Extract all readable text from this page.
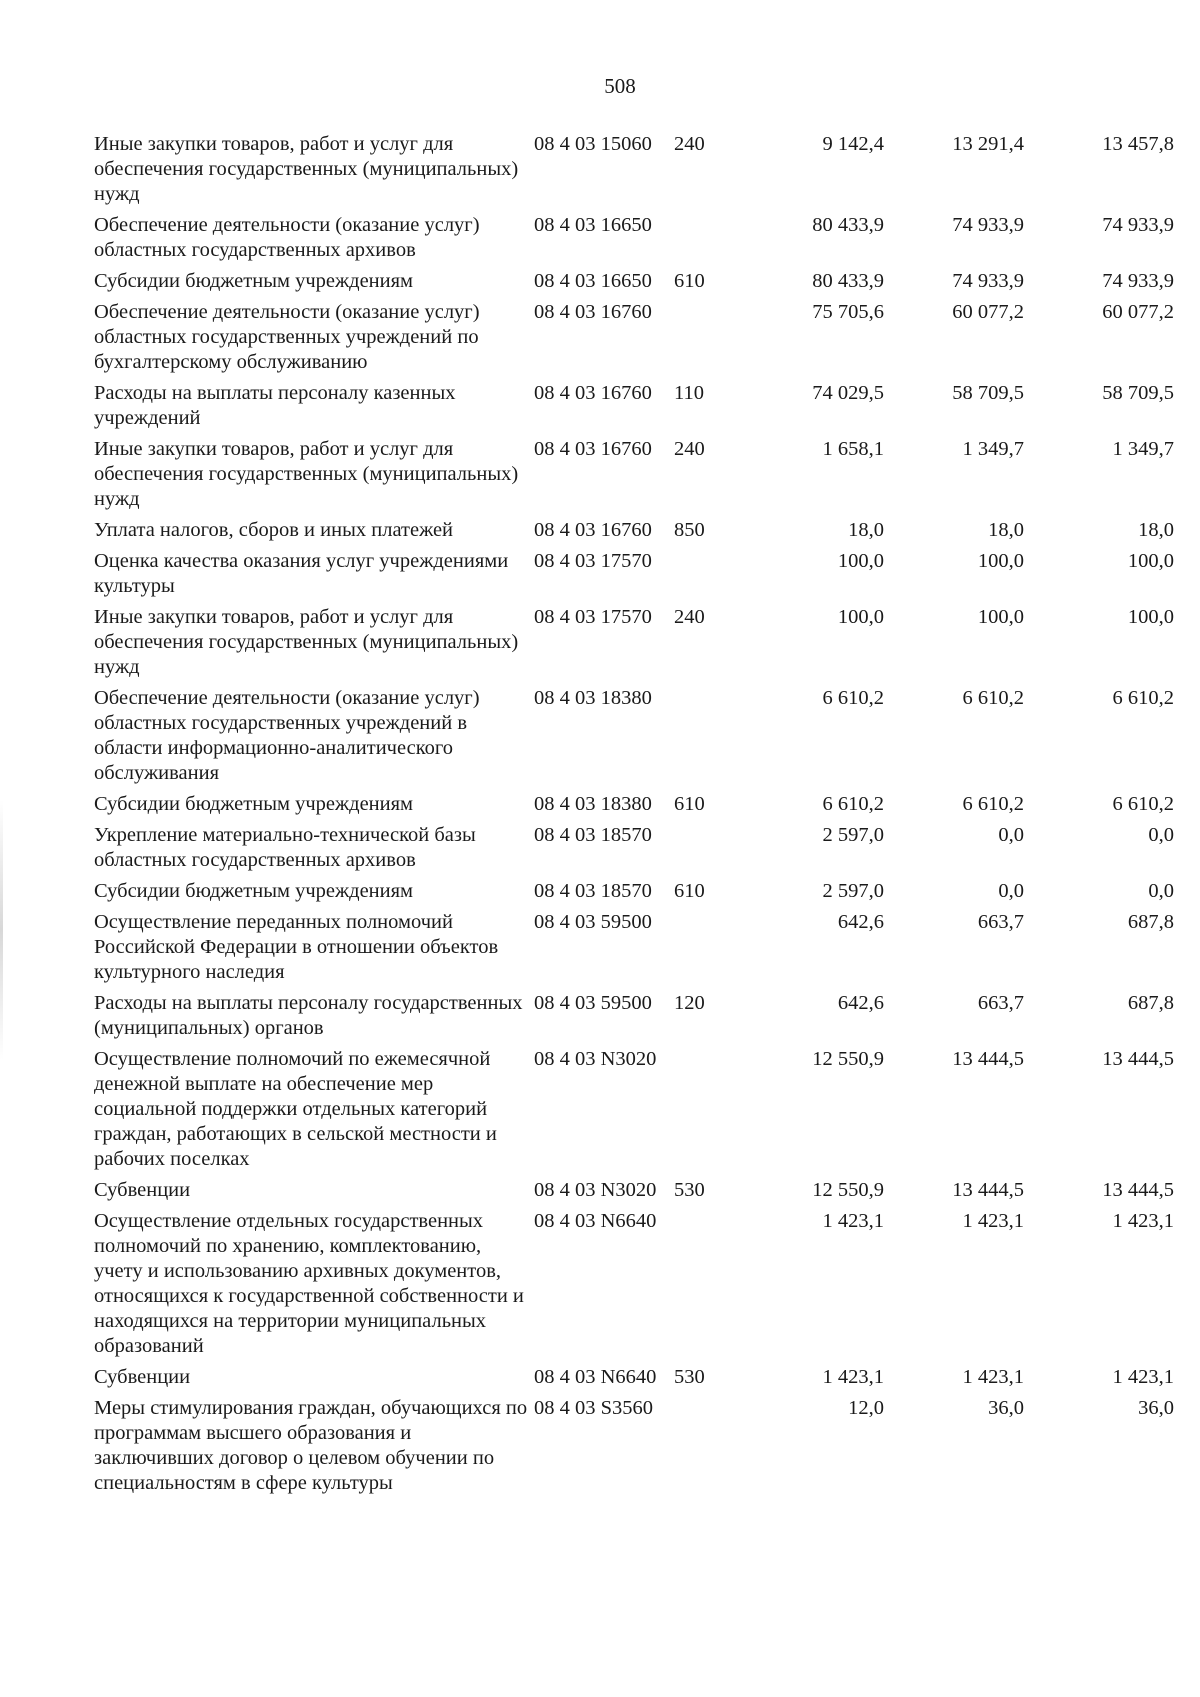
508
Иные закупки товаров, работ и услуг для обеспечения государственных (муниципальных) нужд	08 4 03 15060	240	9 142,4	13 291,4	13 457,8
Обеспечение деятельности (оказание услуг) областных государственных архивов	08 4 03 16650		80 433,9	74 933,9	74 933,9
Субсидии бюджетным учреждениям	08 4 03 16650	610	80 433,9	74 933,9	74 933,9
Обеспечение деятельности (оказание услуг) областных государственных учреждений по бухгалтерскому обслуживанию	08 4 03 16760		75 705,6	60 077,2	60 077,2
Расходы на выплаты персоналу казенных учреждений	08 4 03 16760	110	74 029,5	58 709,5	58 709,5
Иные закупки товаров, работ и услуг для обеспечения государственных (муниципальных) нужд	08 4 03 16760	240	1 658,1	1 349,7	1 349,7
Уплата налогов, сборов и иных платежей	08 4 03 16760	850	18,0	18,0	18,0
Оценка качества оказания услуг учреждениями культуры	08 4 03 17570		100,0	100,0	100,0
Иные закупки товаров, работ и услуг для обеспечения государственных (муниципальных) нужд	08 4 03 17570	240	100,0	100,0	100,0
Обеспечение деятельности (оказание услуг) областных государственных учреждений в области информационно-аналитического обслуживания	08 4 03 18380		6 610,2	6 610,2	6 610,2
Субсидии бюджетным учреждениям	08 4 03 18380	610	6 610,2	6 610,2	6 610,2
Укрепление материально-технической базы областных государственных архивов	08 4 03 18570		2 597,0	0,0	0,0
Субсидии бюджетным учреждениям	08 4 03 18570	610	2 597,0	0,0	0,0
Осуществление переданных полномочий Российской Федерации в отношении объектов культурного наследия	08 4 03 59500		642,6	663,7	687,8
Расходы на выплаты персоналу государственных (муниципальных) органов	08 4 03 59500	120	642,6	663,7	687,8
Осуществление полномочий по ежемесячной денежной выплате на обеспечение мер социальной поддержки отдельных категорий граждан, работающих в сельской местности и рабочих поселках	08 4 03 N3020		12 550,9	13 444,5	13 444,5
Субвенции	08 4 03 N3020	530	12 550,9	13 444,5	13 444,5
Осуществление отдельных государственных полномочий по хранению, комплектованию, учету и использованию архивных документов, относящихся к государственной собственности и находящихся на территории муниципальных образований	08 4 03 N6640		1 423,1	1 423,1	1 423,1
Субвенции	08 4 03 N6640	530	1 423,1	1 423,1	1 423,1
Меры стимулирования граждан, обучающихся по программам высшего образования и заключивших договор о целевом обучении по специальностям в сфере культуры	08 4 03 S3560		12,0	36,0	36,0
